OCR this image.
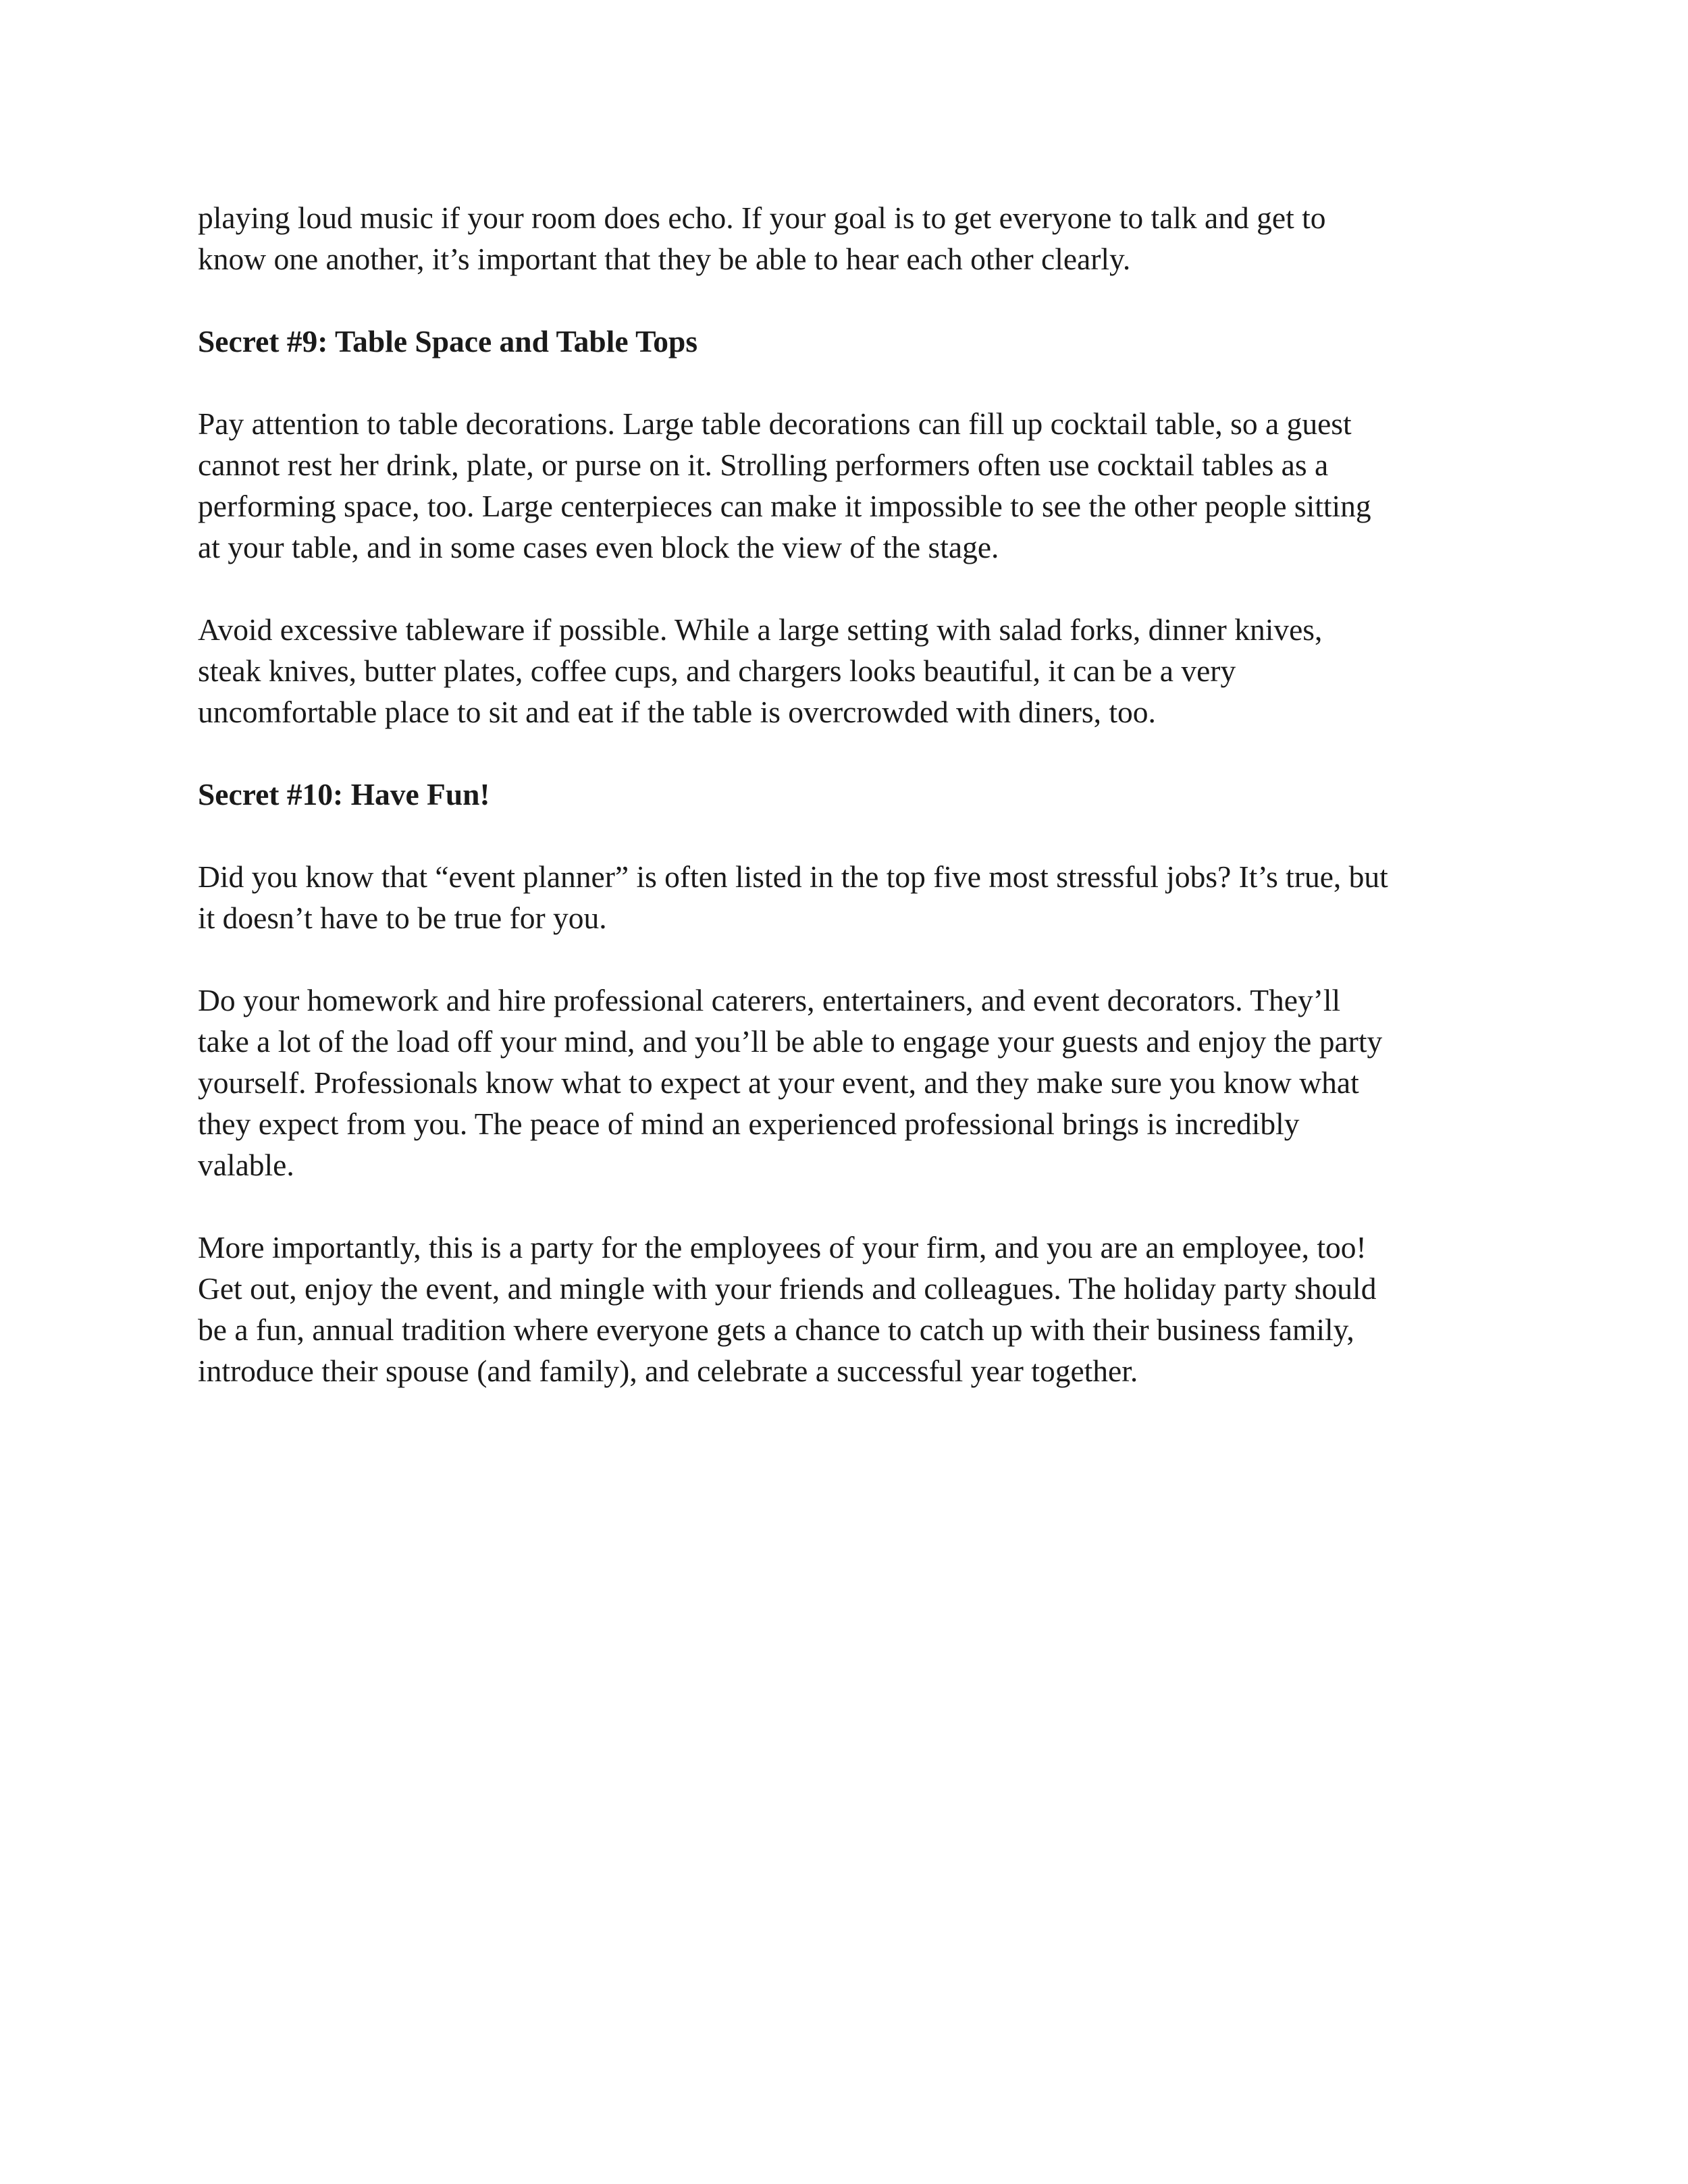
playing loud music if your room does echo. If your goal is to get everyone to talk and get to
know one another, it’s important that they be able to hear each other clearly.

Secret #9: Table Space and Table Tops

Pay attention to table decorations. Large table decorations can fill up cocktail table, so a guest
cannot rest her drink, plate, or purse on it. Strolling performers often use cocktail tables as a
performing space, too. Large centerpieces can make it impossible to see the other people sitting
at your table, and in some cases even block the view of the stage.

Avoid excessive tableware if possible. While a large setting with salad forks, dinner knives,
steak knives, butter plates, coffee cups, and chargers looks beautiful, it can be a very
uncomfortable place to sit and eat if the table is overcrowded with diners, too.

Secret #10: Have Fun!

Did you know that “event planner” is often listed in the top five most stressful jobs? It’s true, but
it doesn’t have to be true for you.

Do your homework and hire professional caterers, entertainers, and event decorators. They’ll
take a lot of the load off your mind, and you’ll be able to engage your guests and enjoy the party
yourself. Professionals know what to expect at your event, and they make sure you know what
they expect from you. The peace of mind an experienced professional brings is incredibly
valable.

More importantly, this is a party for the employees of your firm, and you are an employee, too!
Get out, enjoy the event, and mingle with your friends and colleagues. The holiday party should
be a fun, annual tradition where everyone gets a chance to catch up with their business family,
introduce their spouse (and family), and celebrate a successful year together.
